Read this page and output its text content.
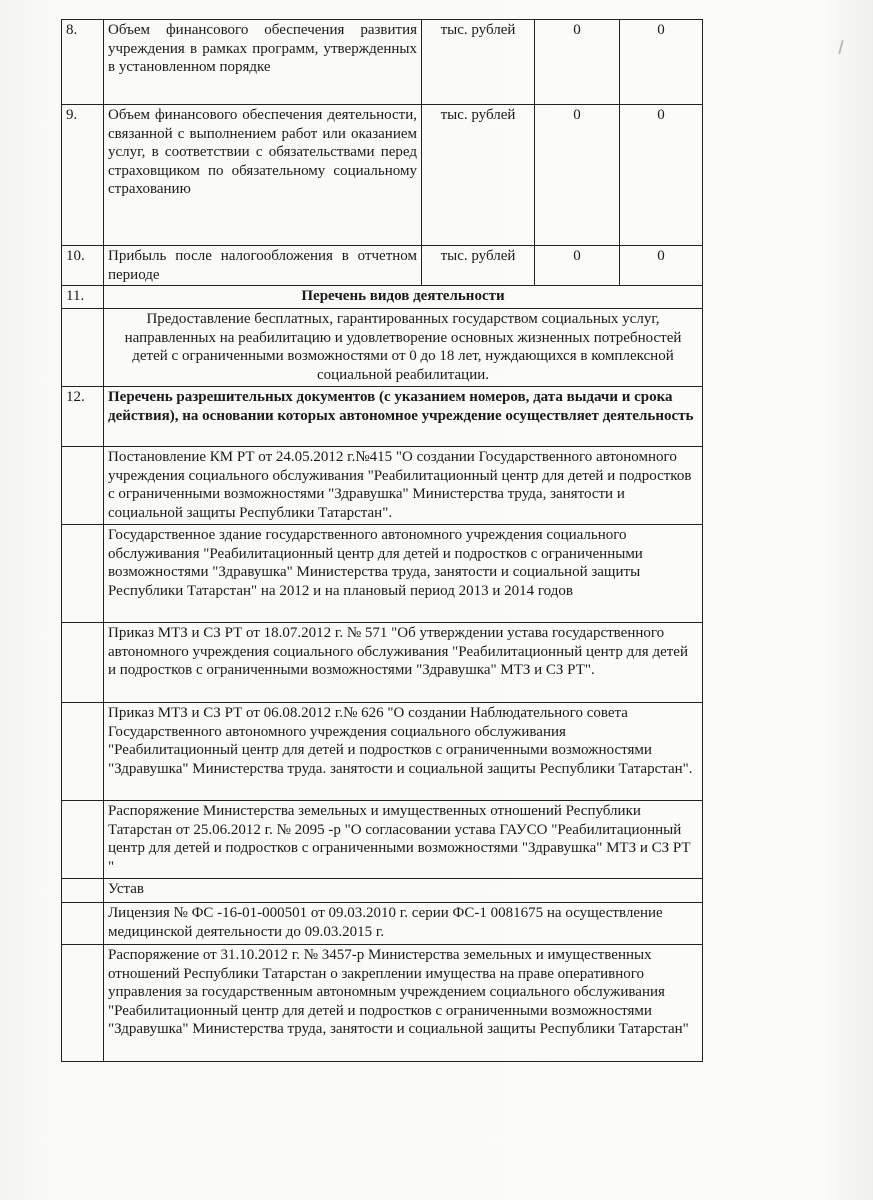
8.	Объем финансового обеспечения развития учреждения в рамках программ, утвержденных в установленном порядке	тыс. рублей	0	0
9.	Объем финансового обеспечения деятельности, связанной с выполнением работ или оказанием услуг, в соответствии с обязательствами перед страховщиком по обязательному социальному страхованию	тыс. рублей	0	0
10.	Прибыль после налогообложения в отчетном периоде	тыс. рублей	0	0
11.	Перечень видов деятельности			
	Предоставление бесплатных, гарантированных государством социальных услуг, направленных на реабилитацию и удовлетворение основных жизненных потребностей детей с ограниченными возможностями от 0 до 18 лет, нуждающихся в комплексной социальной реабилитации.			
12.	Перечень разрешительных документов (с указанием номеров, дата выдачи и срока действия), на основании которых автономное учреждение осуществляет деятельность			
	Постановление КМ РТ от 24.05.2012 г.№415 "О создании Государственного автономного учреждения социального обслуживания "Реабилитационный центр для детей и подростков с ограниченными возможностями "Здравушка" Министерства труда, занятости и социальной защиты Республики Татарстан".			
	Государственное здание государственного автономного учреждения социального обслуживания "Реабилитационный центр для детей и подростков с ограниченными возможностями "Здравушка" Министерства труда, занятости и социальной защиты Республики Татарстан" на 2012 и на плановый период 2013 и 2014 годов			
	Приказ МТЗ и СЗ РТ от 18.07.2012 г. № 571 "Об утверждении устава государственного автономного учреждения социального обслуживания "Реабилитационный центр для детей и подростков с ограниченными возможностями "Здравушка" МТЗ и СЗ РТ".			
	Приказ МТЗ и СЗ РТ от 06.08.2012 г.№ 626 "О создании Наблюдательного совета Государственного автономного учреждения социального обслуживания "Реабилитационный центр для детей и подростков с ограниченными возможностями "Здравушка" Министерства труда. занятости и социальной защиты Республики Татарстан".			
	Распоряжение Министерства земельных и имущественных отношений Республики Татарстан от 25.06.2012 г. № 2095 -р "О согласовании устава ГАУСО "Реабилитационный центр для детей и подростков с ограниченными возможностями "Здравушка" МТЗ и СЗ РТ "			
	Устав			
	Лицензия № ФС -16-01-000501 от 09.03.2010 г. серии ФС-1 0081675 на осуществление медицинской деятельности до 09.03.2015 г.			
	Распоряжение от 31.10.2012 г. № 3457-р Министерства земельных и имущественных отношений Республики Татарстан о закреплении имущества на праве оперативного управления за государственным автономным учреждением социального обслуживания "Реабилитационный центр для детей и подростков с ограниченными возможностями "Здравушка" Министерства труда, занятости и социальной защиты Республики Татарстан"			
